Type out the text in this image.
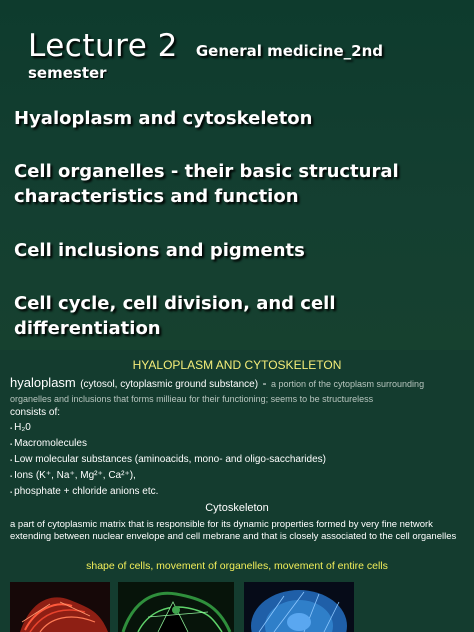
Lecture 2 General medicine_2nd
semester
Hyaloplasm and cytoskeleton
Cell organelles - their basic structural characteristics and function
Cell inclusions and pigments
Cell cycle, cell division, and cell differentiation
HYALOPLASM AND CYTOSKELETON
hyaloplasm (cytosol, cytoplasmic ground substance) - a portion of the cytoplasm surrounding organelles and inclusions that forms millieau for their functioning; seems to be structureless
consists of:
▪ H₂0
▪ Macromolecules
▪ Low molecular substances (aminoacids, mono- and oligo-saccharides)
▪ Ions (K⁺, Na⁺, Mg²⁺, Ca²⁺),
▪ phosphate + chloride anions etc.
Cytoskeleton
a part of cytoplasmic matrix that is responsible for its dynamic properties formed by very fine network extending between nuclear envelope and cell mebrane and that is closely associated to the cell organelles
shape of cells, movement of organelles, movement of entire cells
